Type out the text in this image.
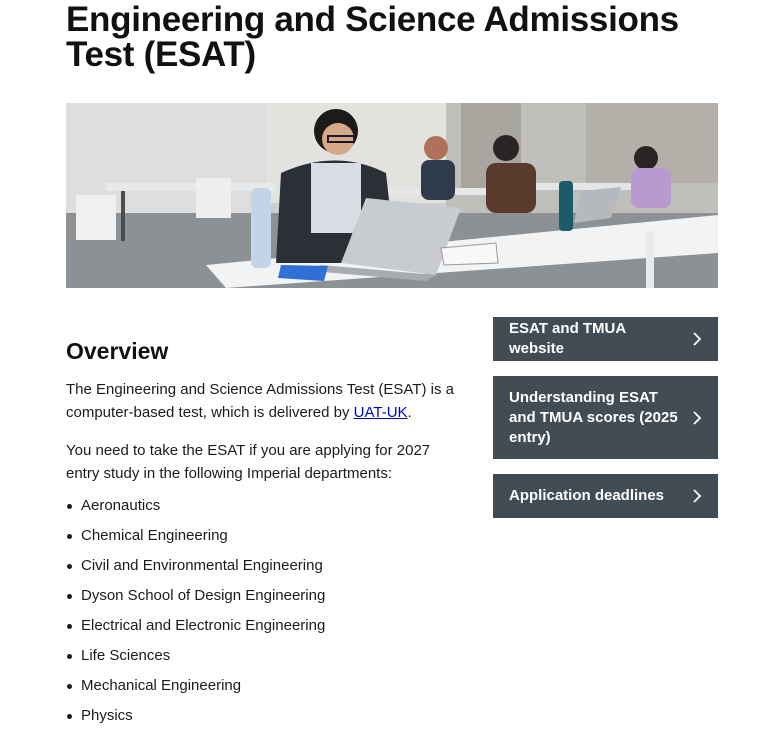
Engineering and Science Admissions Test (ESAT)
Overview

The Engineering and Science Admissions Test (ESAT) is a computer-based test, which is delivered by UAT-UK.

You need to take the ESAT if you are applying for 2027 entry study in the following Imperial departments:

Aeronautics
Chemical Engineering
Civil and Environmental Engineering
Dyson School of Design Engineering
Electrical and Electronic Engineering
Life Sciences
Mechanical Engineering
Physics
ESAT and TMUA website
Understanding ESAT and TMUA scores (2025 entry)
Application deadlines
